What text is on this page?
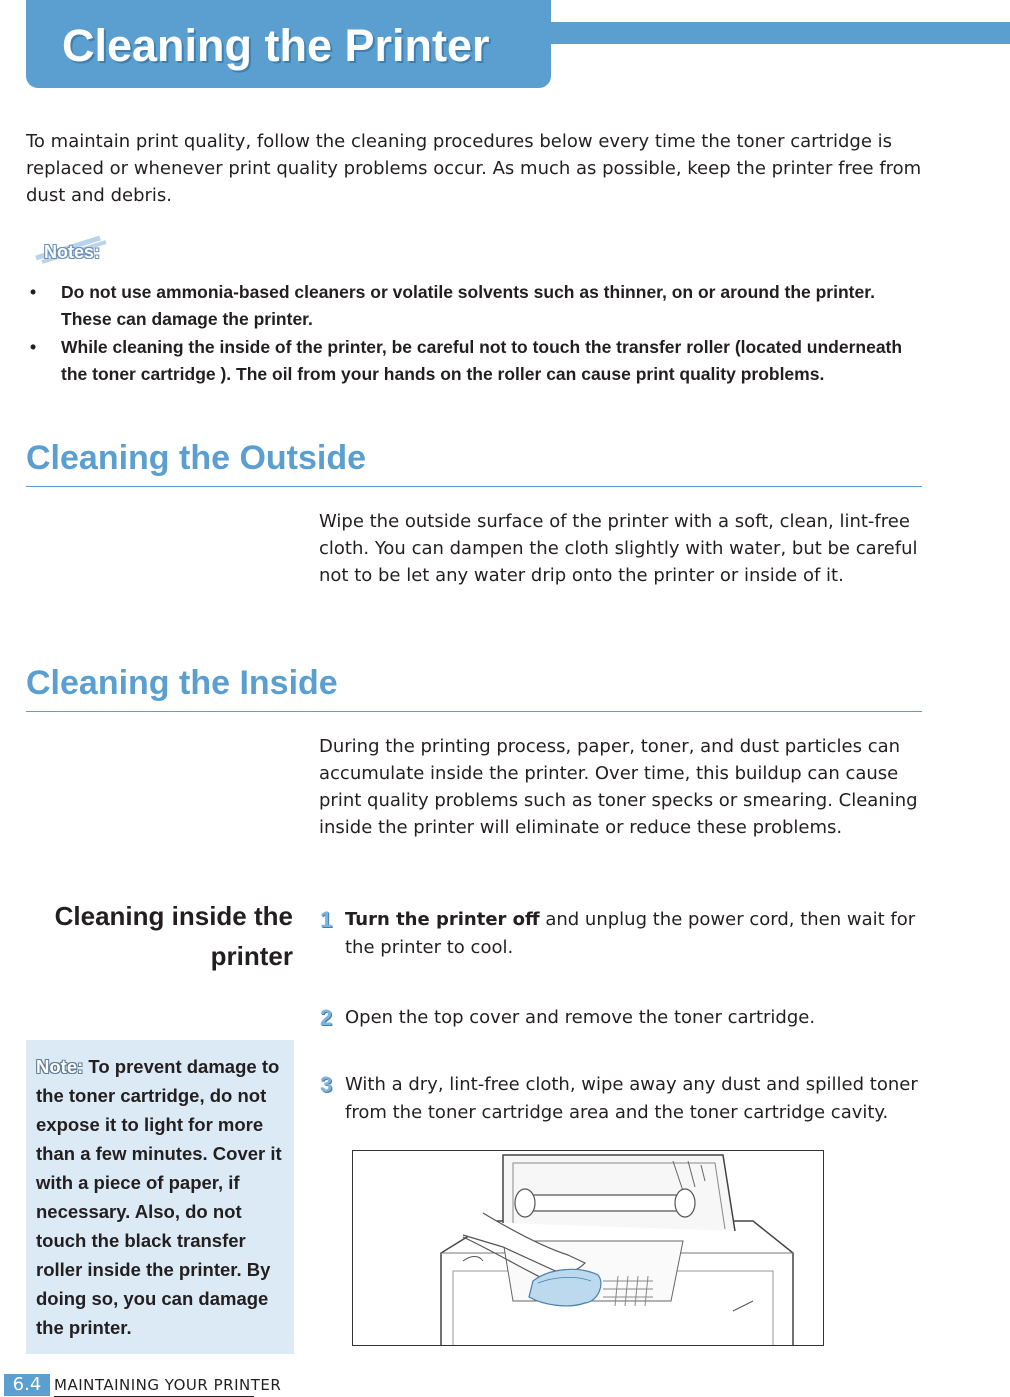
Cleaning the Printer

To maintain print quality, follow the cleaning procedures below every time the toner cartridge is replaced or whenever print quality problems occur. As much as possible, keep the printer free from dust and debris.

Notes:
• Do not use ammonia-based cleaners or volatile solvents such as thinner, on or around the printer. These can damage the printer.
• While cleaning the inside of the printer, be careful not to touch the transfer roller (located underneath the toner cartridge ). The oil from your hands on the roller can cause print quality problems.
Cleaning the Outside

Wipe the outside surface of the printer with a soft, clean, lint-free cloth. You can dampen the cloth slightly with water, but be careful not to be let any water drip onto the printer or inside of it.

Cleaning the Inside

During the printing process, paper, toner, and dust particles can accumulate inside the printer. Over time, this buildup can cause print quality problems such as toner specks or smearing. Cleaning inside the printer will eliminate or reduce these problems.

Cleaning inside the
printer
1 Turn the printer off and unplug the power cord, then wait for the printer to cool.

2 Open the top cover and remove the toner cartridge.

3 With a dry, lint-free cloth, wipe away any dust and spilled toner from the toner cartridge area and the toner cartridge cavity.

Note: To prevent damage to the toner cartridge, do not expose it to light for more than a few minutes. Cover it with a piece of paper, if necessary. Also, do not touch the black transfer roller inside the printer. By doing so, you can damage the printer.

6.4 MAINTAINING YOUR PRINTER
